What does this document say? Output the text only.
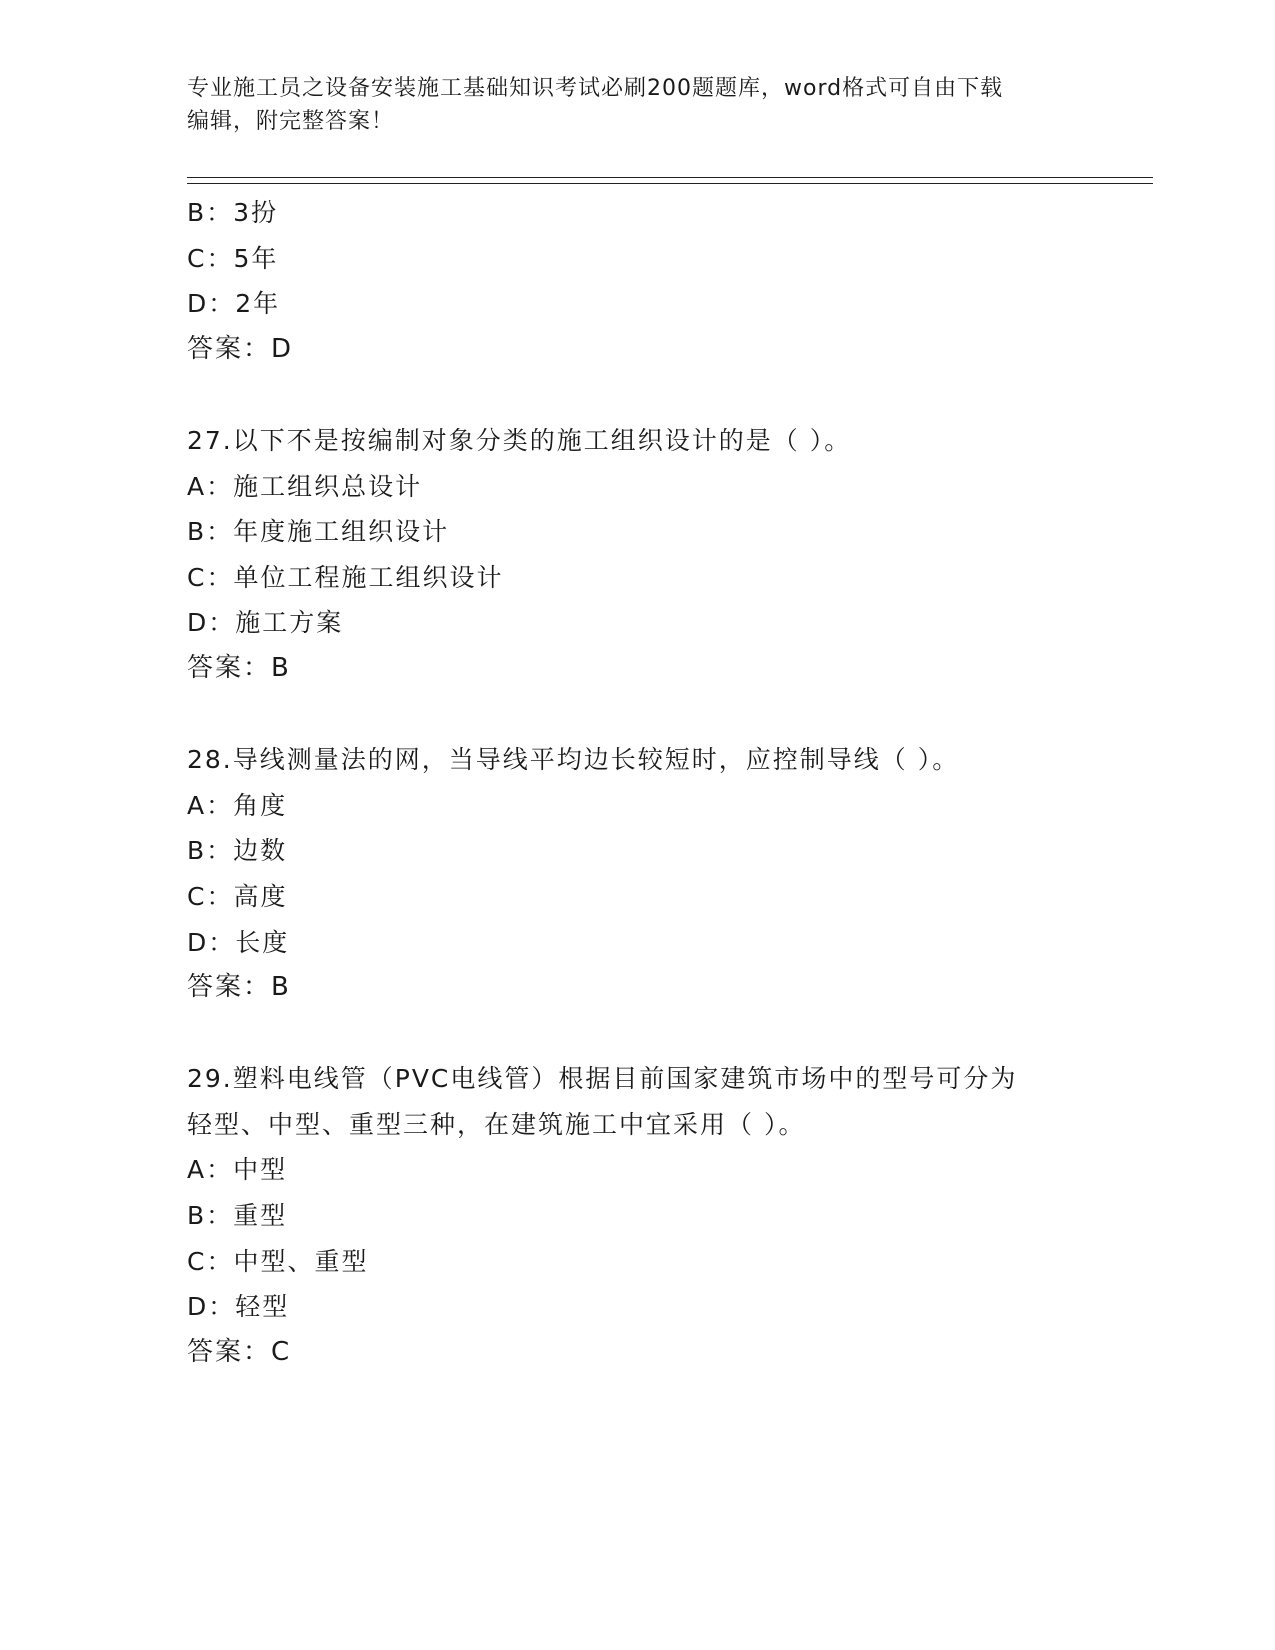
专业施工员之设备安装施工基础知识考试必刷200题题库，word格式可自由下载
编辑，附完整答案！
B：3扮
C：5年
D：2年
答案：D
27.以下不是按编制对象分类的施工组织设计的是（ ）。
A：施工组织总设计
B：年度施工组织设计
C：单位工程施工组织设计
D：施工方案
答案：B
28.导线测量法的网，当导线平均边长较短时，应控制导线（ ）。
A：角度
B：边数
C：高度
D：长度
答案：B
29.塑料电线管（PVC电线管）根据目前国家建筑市场中的型号可分为
轻型、中型、重型三种，在建筑施工中宜采用（ ）。
A：中型
B：重型
C：中型、重型
D：轻型
答案：C
